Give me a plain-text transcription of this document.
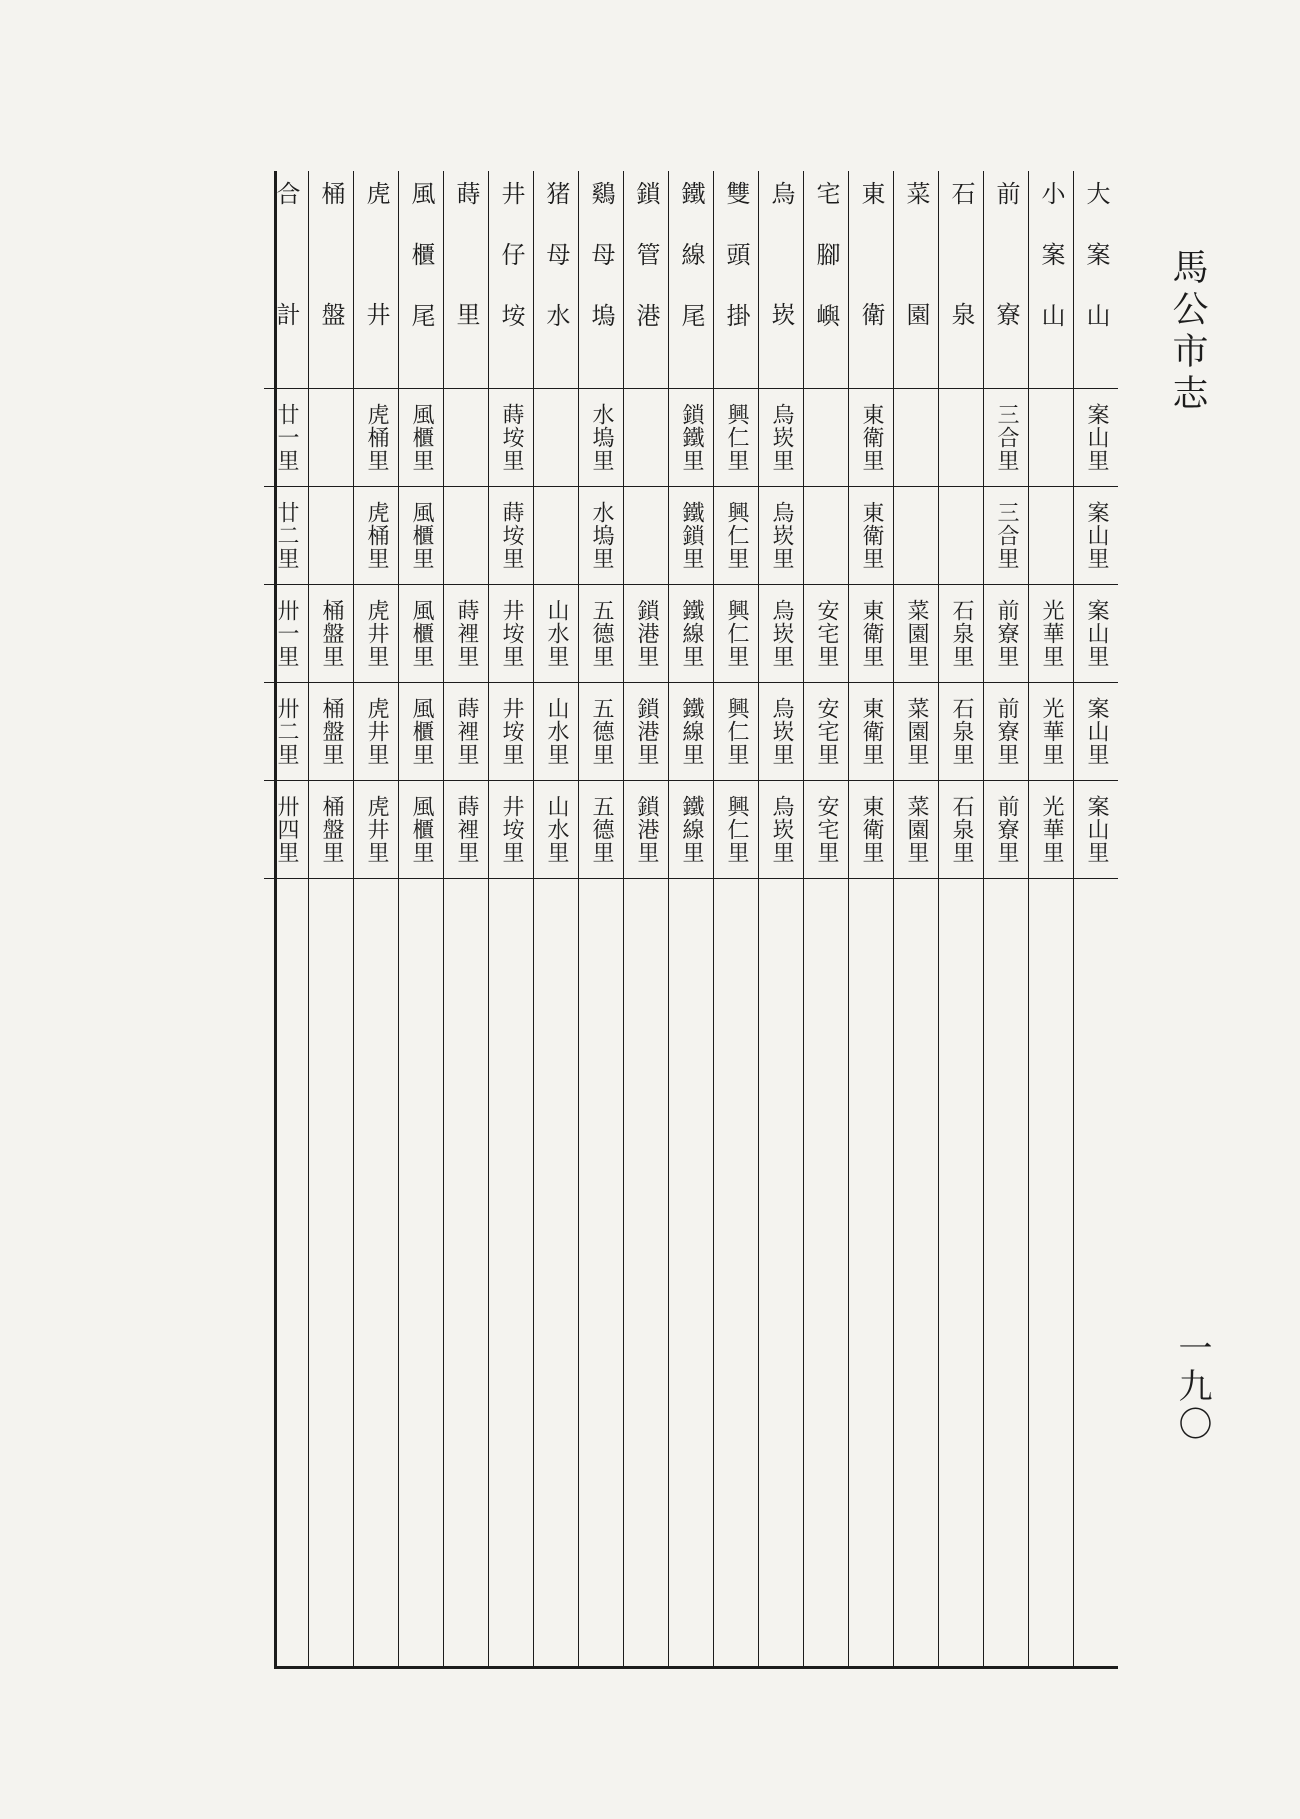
馬公市志
一九〇
大案山
案山里
案山里
案山里
案山里
案山里
小案山
光華里
光華里
光華里
前寮
三合里
三合里
前寮里
前寮里
前寮里
石泉
石泉里
石泉里
石泉里
菜園
菜園里
菜園里
菜園里
東衛
東衛里
東衛里
東衛里
東衛里
東衛里
宅腳嶼
安宅里
安宅里
安宅里
烏崁
烏崁里
烏崁里
烏崁里
烏崁里
烏崁里
雙頭掛
興仁里
興仁里
興仁里
興仁里
興仁里
鐵線尾
鎖鐵里
鐵鎖里
鐵線里
鐵線里
鐵線里
鎖管港
鎖港里
鎖港里
鎖港里
鷄母塢
水塢里
水塢里
五德里
五德里
五德里
猪母水
山水里
山水里
山水里
井仔垵
蒔垵里
蒔垵里
井垵里
井垵里
井垵里
蒔里
蒔裡里
蒔裡里
蒔裡里
風櫃尾
風櫃里
風櫃里
風櫃里
風櫃里
風櫃里
虎井
虎桶里
虎桶里
虎井里
虎井里
虎井里
桶盤
桶盤里
桶盤里
桶盤里
合計
廿一里
廿二里
卅一里
卅二里
卅四里
